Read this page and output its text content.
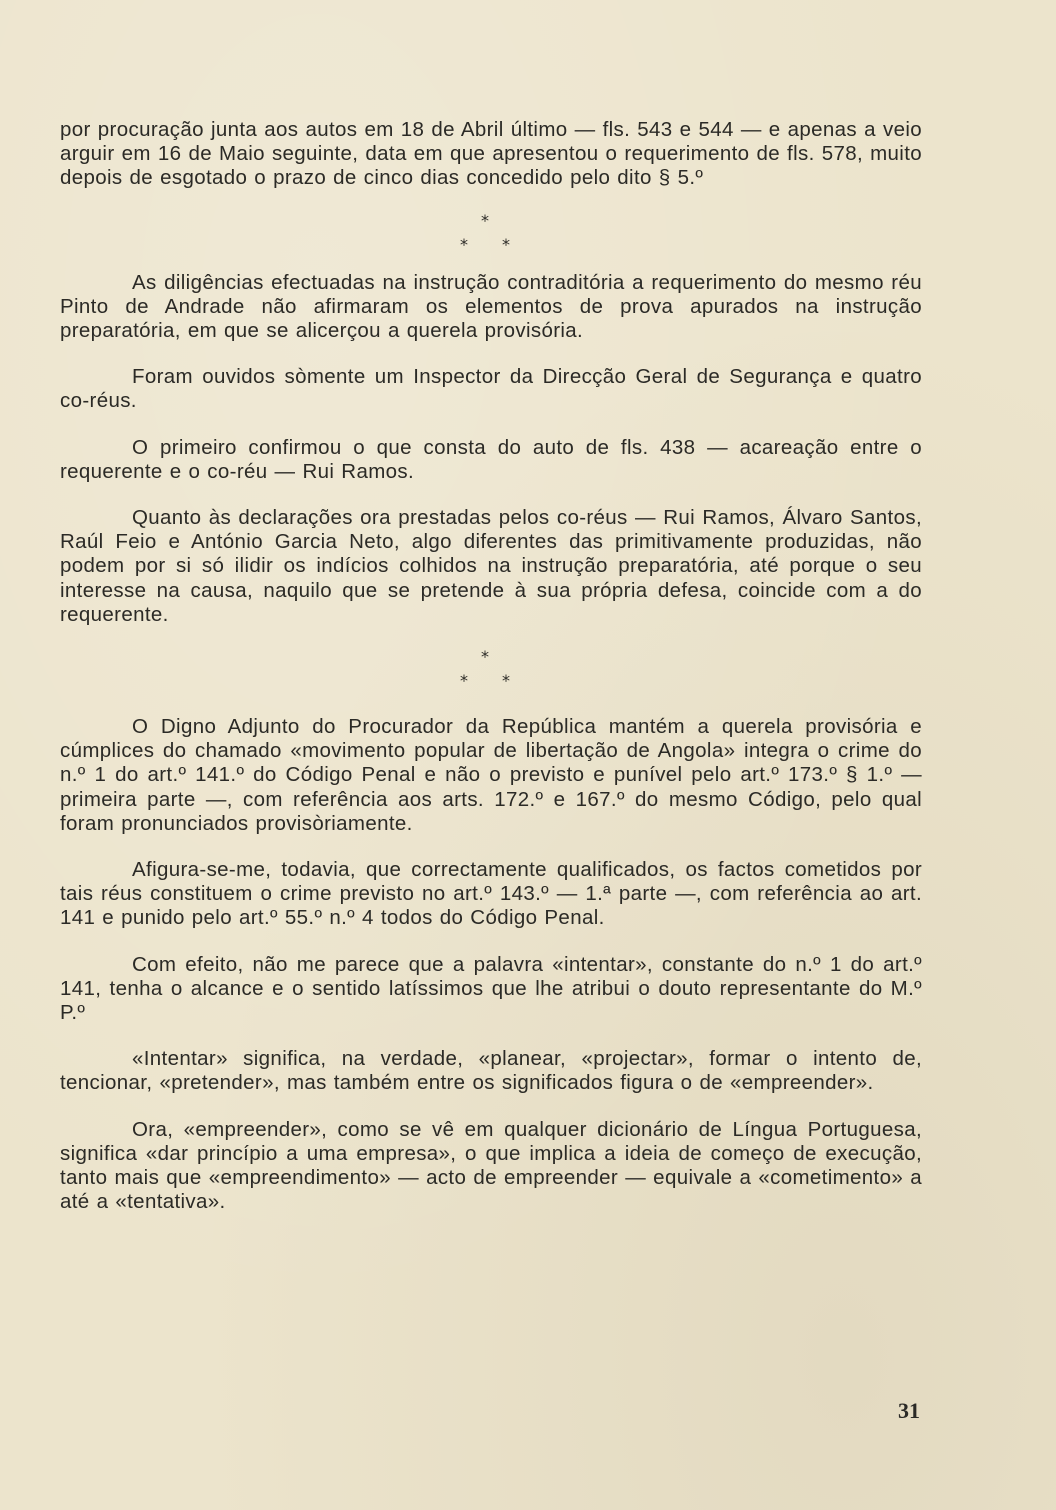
por procuração junta aos autos em 18 de Abril último — fls. 543 e 544 — e apenas a veio arguir em 16 de Maio seguinte, data em que apresentou o requerimento de fls. 578, muito depois de esgotado o prazo de cinco dias concedido pelo dito § 5.º

*
* *

As diligências efectuadas na instrução contraditória a requerimento do mesmo réu Pinto de Andrade não afirmaram os elementos de prova apurados na instrução preparatória, em que se alicerçou a querela provisória.

Foram ouvidos sòmente um Inspector da Direcção Geral de Segurança e quatro co-réus.

O primeiro confirmou o que consta do auto de fls. 438 — acareação entre o requerente e o co-réu — Rui Ramos.

Quanto às declarações ora prestadas pelos co-réus — Rui Ramos, Álvaro Santos, Raúl Feio e António Garcia Neto, algo diferentes das primitivamente produzidas, não podem por si só ilidir os indícios colhidos na instrução preparatória, até porque o seu interesse na causa, naquilo que se pretende à sua própria defesa, coincide com a do requerente.

*
* *

O Digno Adjunto do Procurador da República mantém a querela provisória e cúmplices do chamado «movimento popular de libertação de Angola» integra o crime do n.º 1 do art.º 141.º do Código Penal e não o previsto e punível pelo art.º 173.º § 1.º — primeira parte —, com referência aos arts. 172.º e 167.º do mesmo Código, pelo qual foram pronunciados provisòriamente.

Afigura-se-me, todavia, que correctamente qualificados, os factos cometidos por tais réus constituem o crime previsto no art.º 143.º — 1.ª parte —, com referência ao art. 141 e punido pelo art.º 55.º n.º 4 todos do Código Penal.

Com efeito, não me parece que a palavra «intentar», constante do n.º 1 do art.º 141, tenha o alcance e o sentido latíssimos que lhe atribui o douto representante do M.º P.º

«Intentar» significa, na verdade, «planear, «projectar», formar o intento de, tencionar, «pretender», mas também entre os significados figura o de «empreender».

Ora, «empreender», como se vê em qualquer dicionário de Língua Portuguesa, significa «dar princípio a uma empresa», o que implica a ideia de começo de execução, tanto mais que «empreendimento» — acto de empreender — equivale a «cometimento» a até a «tentativa».

31
